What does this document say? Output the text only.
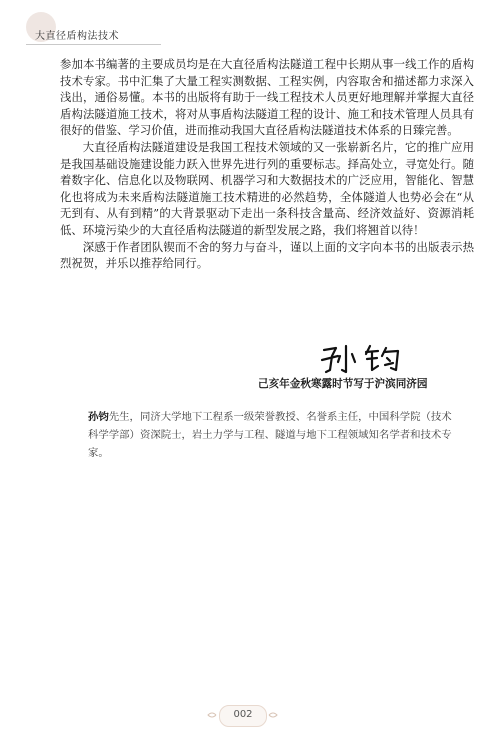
大直径盾构法技术

参加本书编著的主要成员均是在大直径盾构法隧道工程中长期从事一线工作的盾构技术专家。书中汇集了大量工程实测数据、工程实例，内容取舍和描述都力求深入浅出，通俗易懂。本书的出版将有助于一线工程技术人员更好地理解并掌握大直径盾构法隧道施工技术，将对从事盾构法隧道工程的设计、施工和技术管理人员具有很好的借鉴、学习价值，进而推动我国大直径盾构法隧道技术体系的日臻完善。

大直径盾构法隧道建设是我国工程技术领域的又一张崭新名片，它的推广应用是我国基础设施建设能力跃入世界先进行列的重要标志。择高处立，寻宽处行。随着数字化、信息化以及物联网、机器学习和大数据技术的广泛应用，智能化、智慧化也将成为未来盾构法隧道施工技术精进的必然趋势，全体隧道人也势必会在“从无到有、从有到精”的大背景驱动下走出一条科技含量高、经济效益好、资源消耗低、环境污染少的大直径盾构法隧道的新型发展之路，我们将翘首以待！

深感于作者团队锲而不舍的努力与奋斗，谨以上面的文字向本书的出版表示热烈祝贺，并乐以推荐给同行。

己亥年金秋寒露时节写于沪滨同济园

孙钧先生，同济大学地下工程系一级荣誉教授、名誉系主任，中国科学院（技术科学学部）资深院士，岩土力学与工程、隧道与地下工程领域知名学者和技术专家。

002
